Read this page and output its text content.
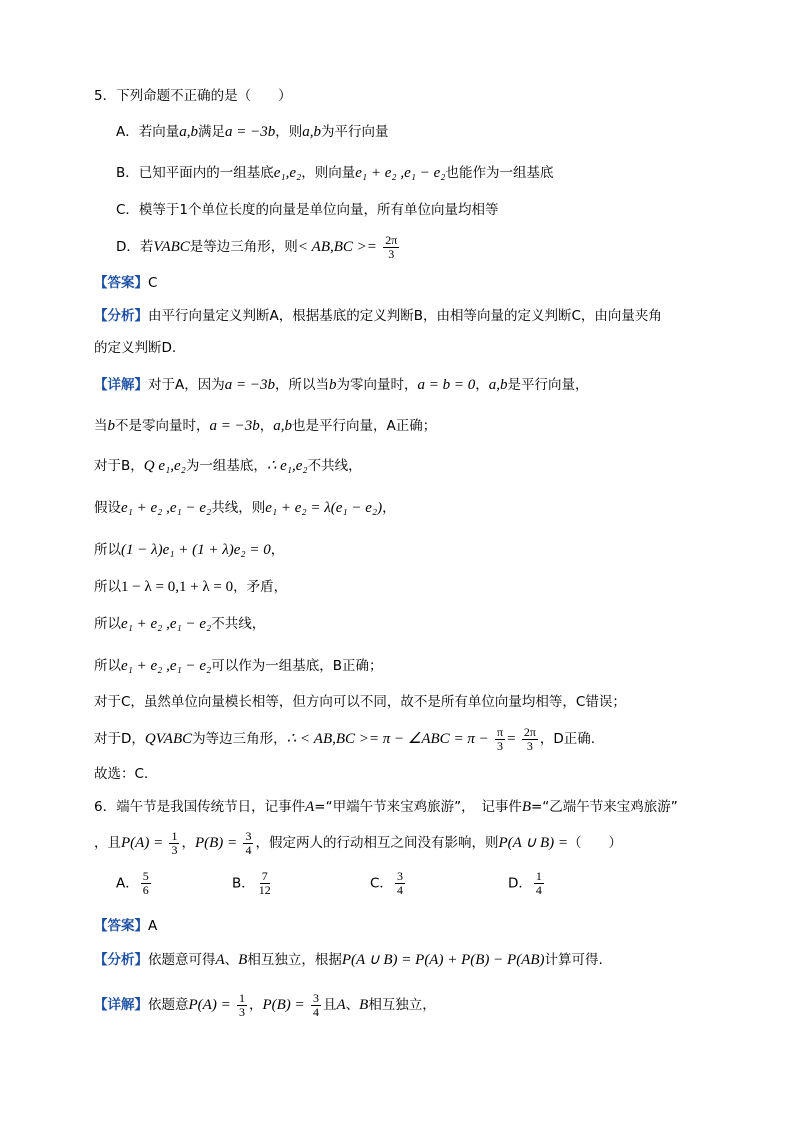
5．下列命题不正确的是（　　）
A．若向量a,b满足a = −3b，则a,b为平行向量
B．已知平面内的一组基底e₁,e₂，则向量e₁ + e₂ ,e₁ − e₂也能作为一组基底
C．模等于1个单位长度的向量是单位向量，所有单位向量均相等
D．若VABC是等边三角形，则< $AB,BC >= \frac{2\pi}{3}$
【答案】C
【分析】由平行向量定义判断A，根据基底的定义判断B，由相等向量的定义判断C，由向量夹角
的定义判断D.
【详解】对于A，因为a = −3b，所以当b为零向量时，a = b = 0，a,b是平行向量，
当b不是零向量时，a = −3b，a,b也是平行向量，A正确；
对于B，Q e₁,e₂为一组基底，∴ e₁,e₂不共线，
假设e₁ + e₂ ,e₁ − e₂共线，则e₁ + e₂ = λ(e₁ − e₂)，
所以(1 − λ)e₁ + (1 + λ)e₂ = 0，
所以1 − λ = 0,1 + λ = 0，矛盾，
所以e₁ + e₂ ,e₁ − e₂不共线，
所以e₁ + e₂ ,e₁ − e₂可以作为一组基底，B正确；
对于C，虽然单位向量模长相等，但方向可以不同，故不是所有单位向量均相等，C错误；
对于D，QVABC为等边三角形，∴ < AB,BC >= π − ∠ABC = $\pi - \frac{\pi}{3} = \frac{2\pi}{3}$ ，D正确.
故选：C.
6．端午节是我国传统节日，记事件A=“甲端午节来宝鸡旅游”，　记事件B=“乙端午节来宝鸡旅游”
，且$P(A) = \frac{1}{3}$ ，$P(B) = \frac{3}{4}$ ，假定两人的行动相互之间没有影响，则P(A ∪ B) =（　　）
A． $\frac{5}{6}$	B． $\frac{7}{12}$	C． $\frac{3}{4}$	D． $\frac{1}{4}$
【答案】A
【分析】依题意可得A、B相互独立，根据P(A ∪ B) = P(A) + P(B) − P(AB)计算可得.
【详解】依题意$P(A) = \frac{1}{3}$ ，$P(B) = \frac{3}{4}$ 且A、B相互独立，
